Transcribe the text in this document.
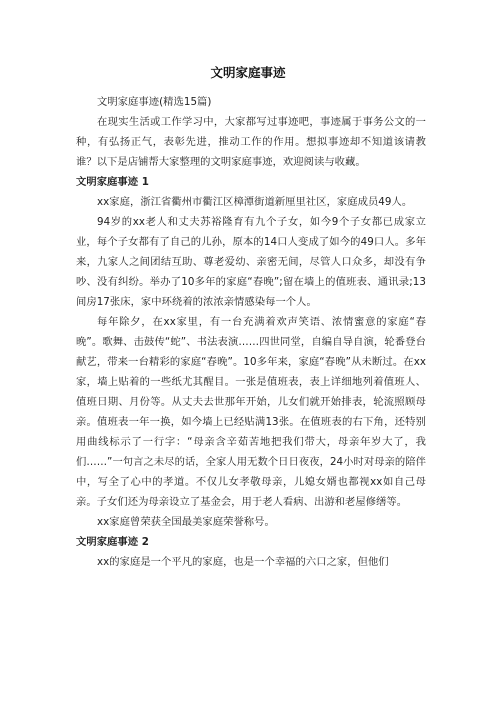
文明家庭事迹

文明家庭事迹(精选15篇)

在现实生活或工作学习中，大家都写过事迹吧，事迹属于事务公文的一种，有弘扬正气，表彰先进，推动工作的作用。想拟事迹却不知道该请教谁？以下是店铺帮大家整理的文明家庭事迹，欢迎阅读与收藏。

文明家庭事迹 1

xx家庭，浙江省衢州市衢江区樟潭街道新厘里社区，家庭成员49人。

94岁的xx老人和丈夫苏裕隆育有九个子女，如今9个子女都已成家立业，每个子女都有了自己的儿孙，原本的14口人变成了如今的49口人。多年来，九家人之间团结互助、尊老爱幼、亲密无间，尽管人口众多，却没有争吵、没有纠纷。举办了10多年的家庭“春晚”;留在墙上的值班表、通讯录;13间房17张床，家中环绕着的浓浓亲情感染每一个人。

每年除夕，在xx家里，有一台充满着欢声笑语、浓情蜜意的家庭“春晚”。歌舞、击鼓传“蛇”、书法表演……四世同堂，自编自导自演，轮番登台献艺，带来一台精彩的家庭“春晚”。10多年来，家庭“春晚”从未断过。在xx家，墙上贴着的一些纸尤其醒目。一张是值班表，表上详细地列着值班人、值班日期、月份等。从丈夫去世那年开始，儿女们就开始排表，轮流照顾母亲。值班表一年一换，如今墙上已经贴满13张。在值班表的右下角，还特别用曲线标示了一行字：“母亲含辛茹苦地把我们带大，母亲年岁大了，我们……”一句言之未尽的话，全家人用无数个日日夜夜，24小时对母亲的陪伴中，写全了心中的孝道。不仅儿女孝敬母亲，儿媳女婿也都视xx如自己母亲。子女们还为母亲设立了基金会，用于老人看病、出游和老屋修缮等。

xx家庭曾荣获全国最美家庭荣誉称号。

文明家庭事迹 2

xx的家庭是一个平凡的家庭，也是一个幸福的六口之家，但他们
